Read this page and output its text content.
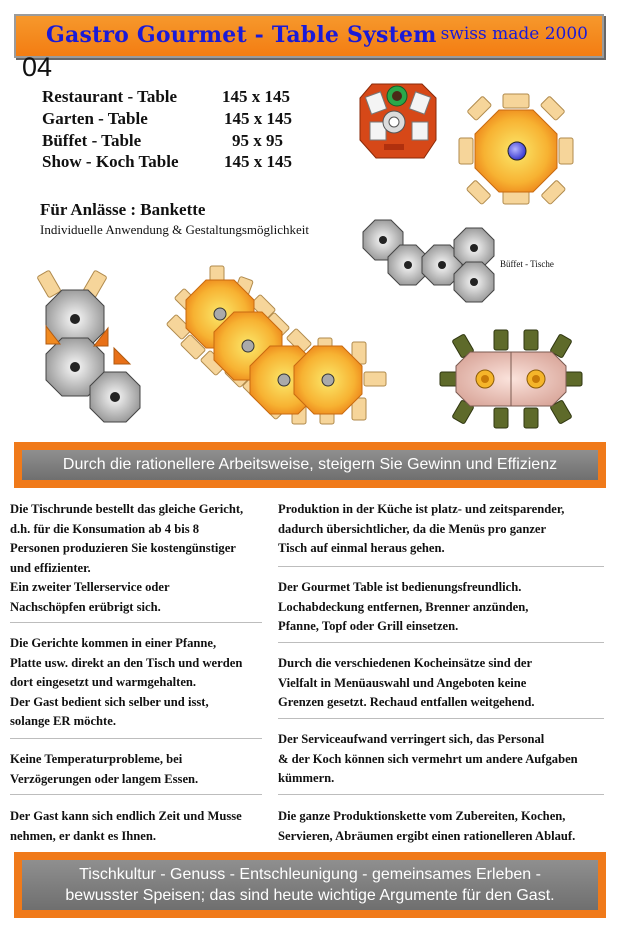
Gastro Gourmet - Table System swiss made 2000
04
Restaurant - Table	145 x 145
Garten - Table	145 x 145
Büffet - Table	95 x 95
Show - Koch Table	145 x 145
Für Anlässe : Bankette
Individuelle Anwendung & Gestaltungsmöglichkeit
Büffet - Tische
Durch die rationellere Arbeitsweise, steigern Sie Gewinn und Effizienz
Die Tischrunde bestellt das gleiche Gericht,
d.h. für die Konsumation ab 4 bis 8
Personen produzieren Sie kostengünstiger
und effizienter.
Ein zweiter Tellerservice oder
Nachschöpfen erübrigt sich.
Die Gerichte kommen in einer Pfanne,
Platte usw. direkt an den Tisch und werden
dort eingesetzt und warmgehalten.
Der Gast bedient sich selber und isst,
solange ER möchte.
Keine Temperaturprobleme, bei
Verzögerungen oder langem Essen.
Der Gast kann sich endlich Zeit und Musse
nehmen, er dankt es Ihnen.
Produktion in der Küche ist platz- und zeitsparender,
dadurch übersichtlicher, da die Menüs pro ganzer
Tisch auf einmal heraus gehen.
Der Gourmet Table ist bedienungsfreundlich.
Lochabdeckung entfernen, Brenner anzünden,
Pfanne, Topf oder Grill einsetzen.
Durch die verschiedenen Kocheinsätze sind der
Vielfalt in Menüauswahl und Angeboten keine
Grenzen gesetzt. Rechaud entfallen weitgehend.
Der Serviceaufwand verringert sich, das Personal
& der Koch können sich vermehrt um andere Aufgaben
kümmern.
Die ganze Produktionskette vom Zubereiten, Kochen,
Servieren, Abräumen ergibt einen rationelleren Ablauf.
Tischkultur - Genuss - Entschleunigung - gemeinsames Erleben -
bewusster Speisen; das sind heute wichtige Argumente für den Gast.
